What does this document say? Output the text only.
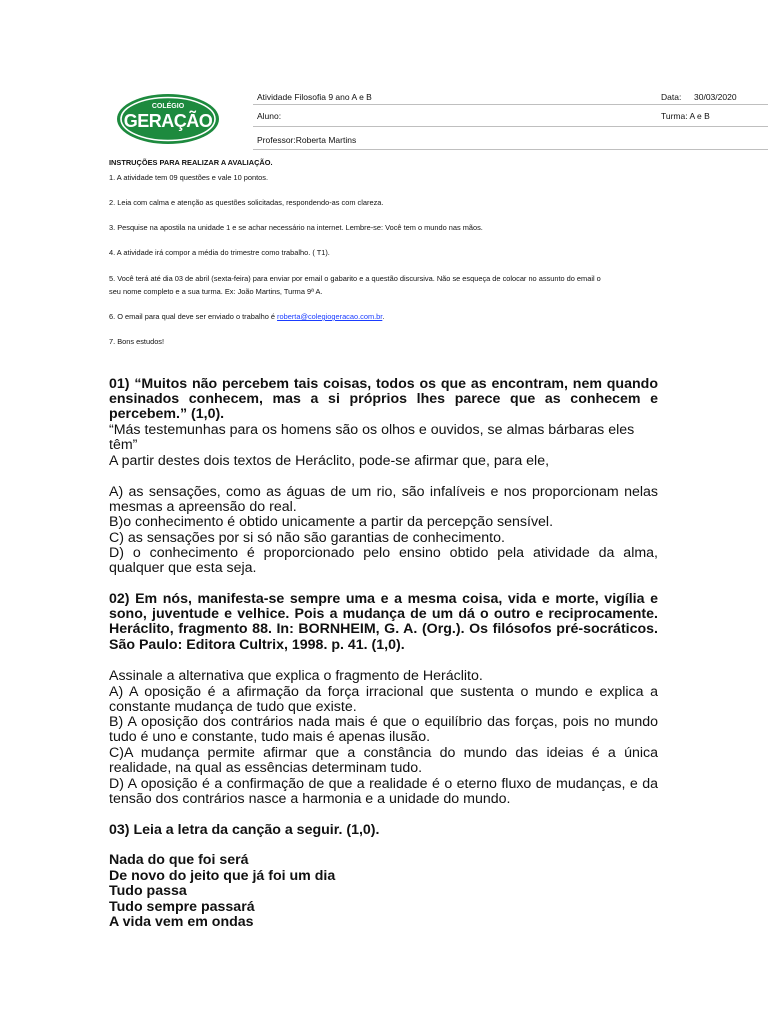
COLÉGIO
GERAÇÃO
Atividade Filosofia 9 ano A e B	Data: 30/03/2020
Aluno:	Turma: A e B
Professor:Roberta Martins
INSTRUÇÕES PARA REALIZAR A AVALIAÇÃO.
1. A atividade tem 09 questões e vale 10 pontos.
2. Leia com calma e atenção as questões solicitadas, respondendo-as com clareza.
3. Pesquise na apostila na unidade 1 e se achar necessário na internet. Lembre-se: Você tem o mundo nas mãos.
4. A atividade irá compor a média do trimestre como trabalho. ( T1).
5. Você terá até dia 03 de abril (sexta-feira) para enviar por email o gabarito e a questão discursiva. Não se esqueça de colocar no assunto do email o
seu nome completo e a sua turma. Ex: João Martins, Turma 9ª A.
6. O email para qual deve ser enviado o trabalho é roberta@colegiogeracao.com.br.
7. Bons estudos!
01) “Muitos não percebem tais coisas, todos os que as encontram, nem quando ensinados conhecem, mas a si próprios lhes parece que as conhecem e percebem.” (1,0).
“Más testemunhas para os homens são os olhos e ouvidos, se almas bárbaras eles têm”
A partir destes dois textos de Heráclito, pode-se afirmar que, para ele,
A) as sensações, como as águas de um rio, são infalíveis e nos proporcionam nelas mesmas a apreensão do real.
B)o conhecimento é obtido unicamente a partir da percepção sensível.
C) as sensações por si só não são garantias de conhecimento.
D) o conhecimento é proporcionado pelo ensino obtido pela atividade da alma, qualquer que esta seja.
02) Em nós, manifesta-se sempre uma e a mesma coisa, vida e morte, vigília e sono, juventude e velhice. Pois a mudança de um dá o outro e reciprocamente. Heráclito, fragmento 88. In: BORNHEIM, G. A. (Org.). Os filósofos pré-socráticos. São Paulo: Editora Cultrix, 1998. p. 41. (1,0).
Assinale a alternativa que explica o fragmento de Heráclito.
A) A oposição é a afirmação da força irracional que sustenta o mundo e explica a constante mudança de tudo que existe.
B) A oposição dos contrários nada mais é que o equilíbrio das forças, pois no mundo tudo é uno e constante, tudo mais é apenas ilusão.
C)A mudança permite afirmar que a constância do mundo das ideias é a única realidade, na qual as essências determinam tudo.
D) A oposição é a confirmação de que a realidade é o eterno fluxo de mudanças, e da tensão dos contrários nasce a harmonia e a unidade do mundo.
03) Leia a letra da canção a seguir. (1,0).
Nada do que foi será
De novo do jeito que já foi um dia
Tudo passa
Tudo sempre passará
A vida vem em ondas
